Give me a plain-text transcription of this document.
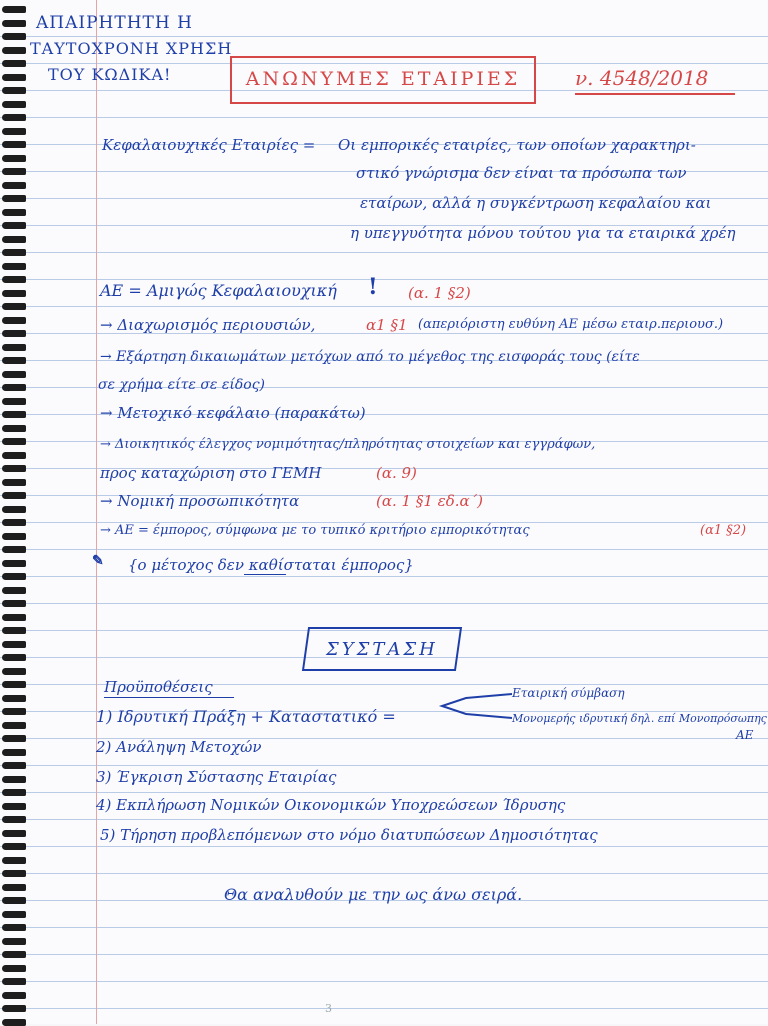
ΑΠΑΙΡΗΤΗΤΗ Η
ΤΑΥΤΟΧΡΟΝΗ ΧΡΗΣΗ
ΤΟΥ ΚΩΔΙΚΑ!	ΑΝΩΝΥΜΕΣ ΕΤΑΙΡΙΕΣ	ν. 4548/2018
Κεφαλαιουχικές Εταιρίες = Οι εμπορικές εταιρίες, των οποίων χαρακτηρι-
στικό γνώρισμα δεν είναι τα πρόσωπα των
εταίρων, αλλά η συγκέντρωση κεφαλαίου και
η υπεγγυότητα μόνου τούτου για τα εταιρικά χρέη
ΑΕ = Αμιγώς Κεφαλαιουχική ! (α. 1 §2)
→ Διαχωρισμός περιουσιών,	α1 §1 (απεριόριστη ευθύνη ΑΕ μέσω εταιρ.περιουσ.)
→ Εξάρτηση δικαιωμάτων μετόχων από το μέγεθος της εισφοράς τους (είτε
σε χρήμα είτε σε είδος)
→ Μετοχικό κεφάλαιο (παρακάτω)
→ Διοικητικός έλεγχος νομιμότητας/πληρότητας στοιχείων και εγγράφων,
προς καταχώριση στο ΓΕΜΗ	(α. 9)
→ Νομική προσωπικότητα	(α. 1 §1 εδ.α΄)
→ ΑΕ = έμπορος, σύμφωνα με το τυπικό κριτήριο εμπορικότητας	(α1 §2)
✎ {ο μέτοχος δεν καθίσταται έμπορος}
ΣΥΣΤΑΣΗ
Προϋποθέσεις
1) Ιδρυτική Πράξη + Καταστατικό =
Εταιρική σύμβαση
Μονομερής ιδρυτική δηλ. επί Μονοπρόσωπης
ΑΕ
2) Ανάληψη Μετοχών
3) Έγκριση Σύστασης Εταιρίας
4) Εκπλήρωση Νομικών Οικονομικών Υποχρεώσεων Ίδρυσης
5) Τήρηση προβλεπόμενων στο νόμο διατυπώσεων Δημοσιότητας
Θα αναλυθούν με την ως άνω σειρά.
3
